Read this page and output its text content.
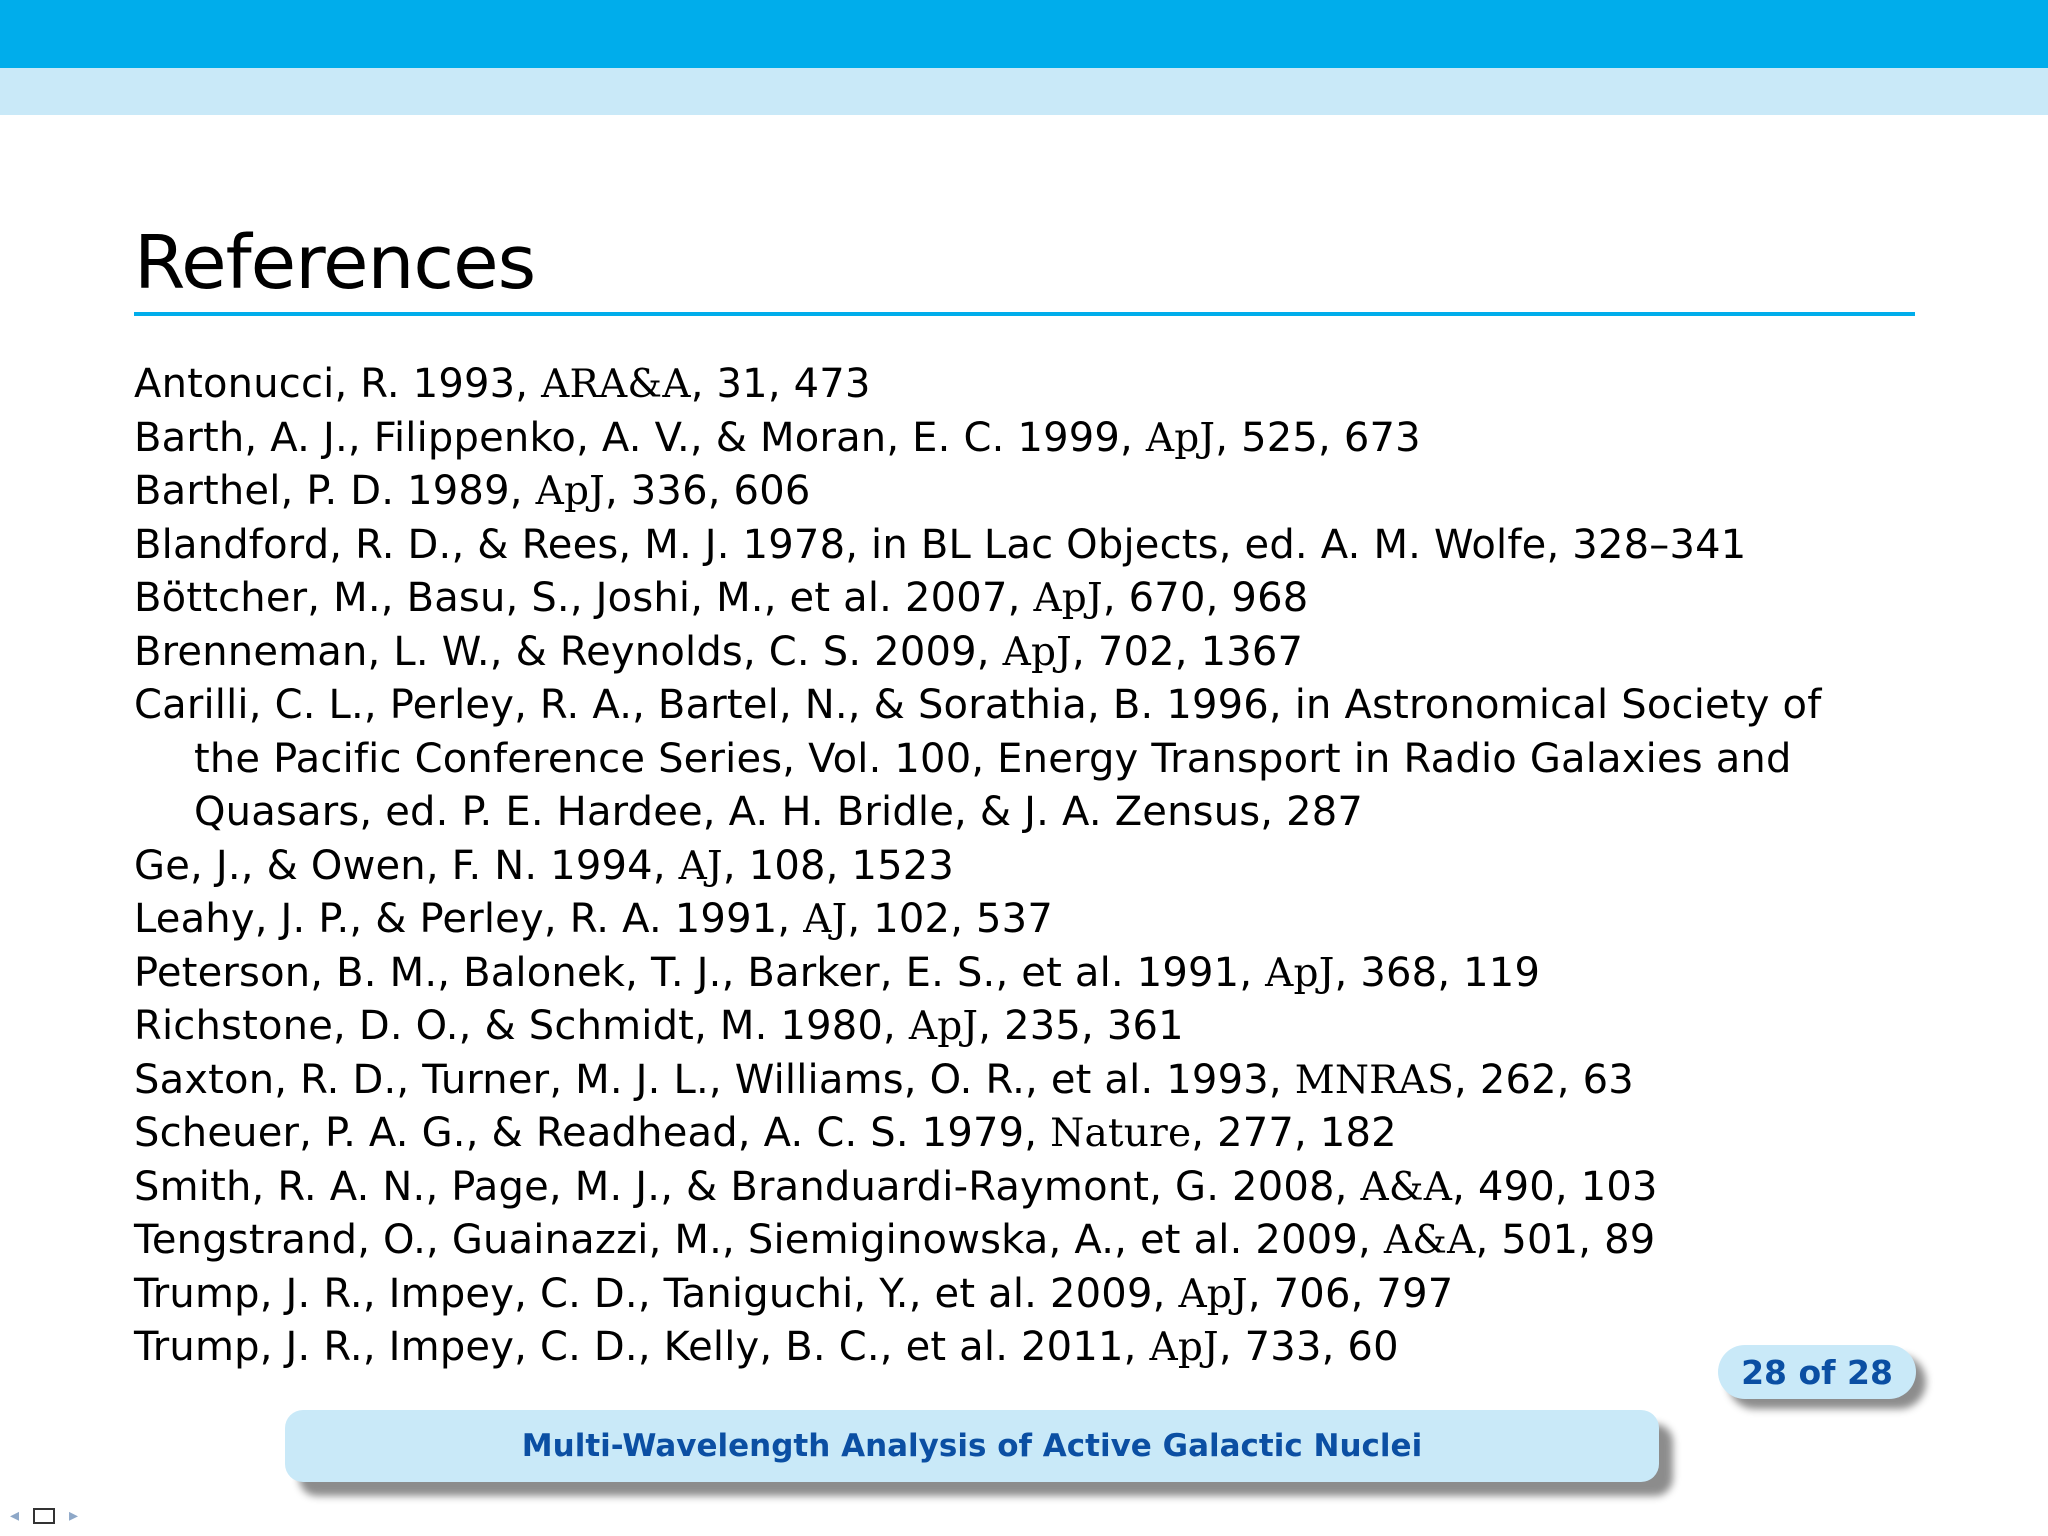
References
Antonucci, R. 1993, ARA&A, 31, 473
Barth, A. J., Filippenko, A. V., & Moran, E. C. 1999, ApJ, 525, 673
Barthel, P. D. 1989, ApJ, 336, 606
Blandford, R. D., & Rees, M. J. 1978, in BL Lac Objects, ed. A. M. Wolfe, 328–341
Böttcher, M., Basu, S., Joshi, M., et al. 2007, ApJ, 670, 968
Brenneman, L. W., & Reynolds, C. S. 2009, ApJ, 702, 1367
Carilli, C. L., Perley, R. A., Bartel, N., & Sorathia, B. 1996, in Astronomical Society of the Pacific Conference Series, Vol. 100, Energy Transport in Radio Galaxies and Quasars, ed. P. E. Hardee, A. H. Bridle, & J. A. Zensus, 287
Ge, J., & Owen, F. N. 1994, AJ, 108, 1523
Leahy, J. P., & Perley, R. A. 1991, AJ, 102, 537
Peterson, B. M., Balonek, T. J., Barker, E. S., et al. 1991, ApJ, 368, 119
Richstone, D. O., & Schmidt, M. 1980, ApJ, 235, 361
Saxton, R. D., Turner, M. J. L., Williams, O. R., et al. 1993, MNRAS, 262, 63
Scheuer, P. A. G., & Readhead, A. C. S. 1979, Nature, 277, 182
Smith, R. A. N., Page, M. J., & Branduardi-Raymont, G. 2008, A&A, 490, 103
Tengstrand, O., Guainazzi, M., Siemiginowska, A., et al. 2009, A&A, 501, 89
Trump, J. R., Impey, C. D., Taniguchi, Y., et al. 2009, ApJ, 706, 797
Trump, J. R., Impey, C. D., Kelly, B. C., et al. 2011, ApJ, 733, 60
28 of 28
Multi-Wavelength Analysis of Active Galactic Nuclei
◂	▸
